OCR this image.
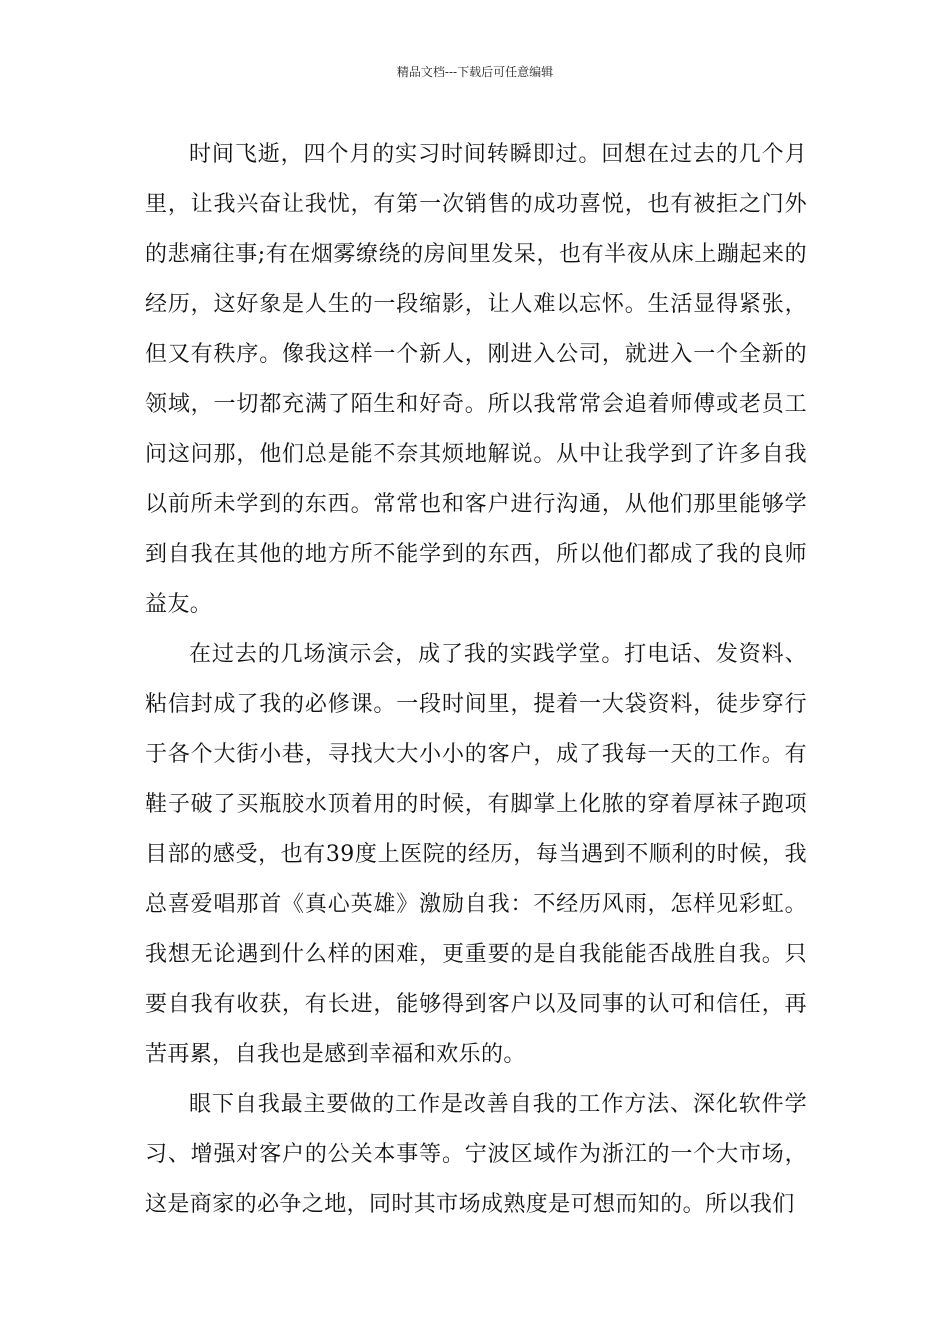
精品文档---下载后可任意编辑

时间飞逝，四个月的实习时间转瞬即过。回想在过去的几个月里，让我兴奋让我忧，有第一次销售的成功喜悦，也有被拒之门外的悲痛往事;有在烟雾缭绕的房间里发呆，也有半夜从床上蹦起来的经历，这好象是人生的一段缩影，让人难以忘怀。生活显得紧张，但又有秩序。像我这样一个新人，刚进入公司，就进入一个全新的领域，一切都充满了陌生和好奇。所以我常常会追着师傅或老员工问这问那，他们总是能不奈其烦地解说。从中让我学到了许多自我以前所未学到的东西。常常也和客户进行沟通，从他们那里能够学到自我在其他的地方所不能学到的东西，所以他们都成了我的良师益友。

在过去的几场演示会，成了我的实践学堂。打电话、发资料、粘信封成了我的必修课。一段时间里，提着一大袋资料，徒步穿行于各个大街小巷，寻找大大小小的客户，成了我每一天的工作。有鞋子破了买瓶胶水顶着用的时候，有脚掌上化脓的穿着厚袜子跑项目部的感受，也有39度上医院的经历，每当遇到不顺利的时候，我总喜爱唱那首《真心英雄》激励自我：不经历风雨，怎样见彩虹。我想无论遇到什么样的困难，更重要的是自我能能否战胜自我。只要自我有收获，有长进，能够得到客户以及同事的认可和信任，再苦再累，自我也是感到幸福和欢乐的。

眼下自我最主要做的工作是改善自我的工作方法、深化软件学习、增强对客户的公关本事等。宁波区域作为浙江的一个大市场，这是商家的必争之地，同时其市场成熟度是可想而知的。所以我们
